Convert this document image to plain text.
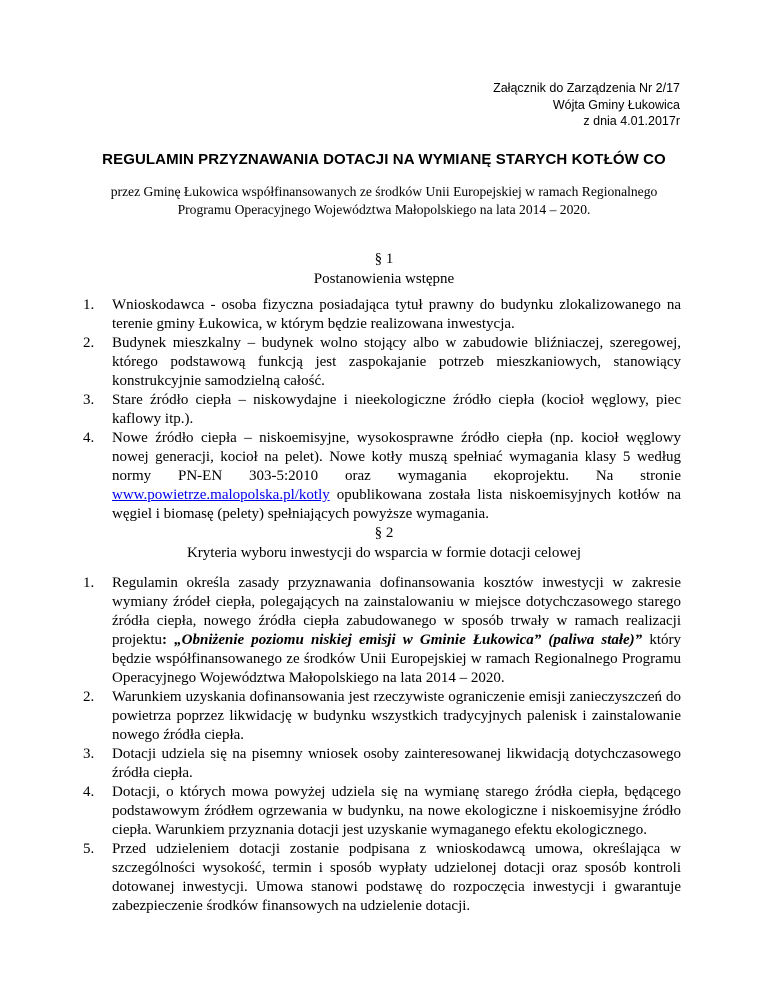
Załącznik do Zarządzenia Nr 2/17
Wójta Gminy Łukowica
z dnia 4.01.2017r
REGULAMIN PRZYZNAWANIA DOTACJI NA WYMIANĘ STARYCH KOTŁÓW CO
przez Gminę Łukowica współfinansowanych ze środków Unii Europejskiej w ramach Regionalnego Programu Operacyjnego Województwa Małopolskiego na lata 2014 – 2020.
§ 1
Postanowienia wstępne
1. Wnioskodawca - osoba fizyczna posiadająca tytuł prawny do budynku zlokalizowanego na terenie gminy Łukowica, w którym będzie realizowana inwestycja.
2. Budynek mieszkalny – budynek wolno stojący albo w zabudowie bliźniaczej, szeregowej, którego podstawową funkcją jest zaspokajanie potrzeb mieszkaniowych, stanowiący konstrukcyjnie samodzielną całość.
3. Stare źródło ciepła – niskowydajne i nieekologiczne źródło ciepła (kocioł węglowy, piec kaflowy itp.).
4. Nowe źródło ciepła – niskoemisyjne, wysokosprawne źródło ciepła (np. kocioł węglowy nowej generacji, kocioł na pelet). Nowe kotły muszą spełniać wymagania klasy 5 według normy PN-EN 303-5:2010 oraz wymagania ekoprojektu. Na stronie www.powietrze.malopolska.pl/kotly opublikowana została lista niskoemisyjnych kotłów na węgiel i biomasę (pelety) spełniających powyższe wymagania.
§ 2
Kryteria wyboru inwestycji do wsparcia w formie dotacji celowej
1. Regulamin określa zasady przyznawania dofinansowania kosztów inwestycji w zakresie wymiany źródeł ciepła, polegających na zainstalowaniu w miejsce dotychczasowego starego źródła ciepła, nowego źródła ciepła zabudowanego w sposób trwały w ramach realizacji projektu: „Obniżenie poziomu niskiej emisji w Gminie Łukowica” (paliwa stałe)” który będzie współfinansowanego ze środków Unii Europejskiej w ramach Regionalnego Programu Operacyjnego Województwa Małopolskiego na lata 2014 – 2020.
2. Warunkiem uzyskania dofinansowania jest rzeczywiste ograniczenie emisji zanieczyszczeń do powietrza poprzez likwidację w budynku wszystkich tradycyjnych palenisk i zainstalowanie nowego źródła ciepła.
3. Dotacji udziela się na pisemny wniosek osoby zainteresowanej likwidacją dotychczasowego źródła ciepła.
4. Dotacji, o których mowa powyżej udziela się na wymianę starego źródła ciepła, będącego podstawowym źródłem ogrzewania w budynku, na nowe ekologiczne i niskoemisyjne źródło ciepła. Warunkiem przyznania dotacji jest uzyskanie wymaganego efektu ekologicznego.
5. Przed udzieleniem dotacji zostanie podpisana z wnioskodawcą umowa, określająca w szczególności wysokość, termin i sposób wypłaty udzielonej dotacji oraz sposób kontroli dotowanej inwestycji. Umowa stanowi podstawę do rozpoczęcia inwestycji i gwarantuje zabezpieczenie środków finansowych na udzielenie dotacji.
